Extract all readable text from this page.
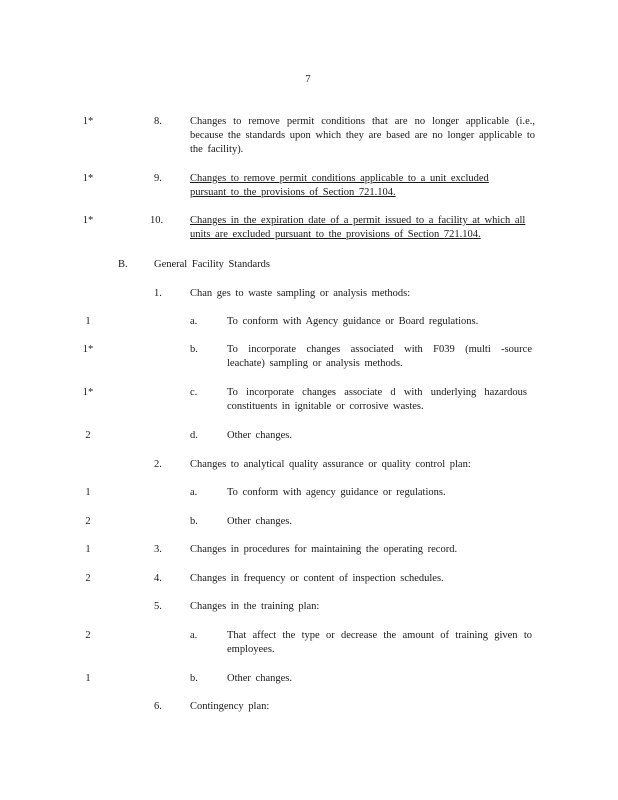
7
1*	8.	Changes to remove permit conditions that are no longer applicable (i.e., because the standards upon which they are based are no longer applicable to the facility).
1*	9.	Changes to remove permit conditions applicable to a unit excluded pursuant to the provisions of Section 721.104.
1*	10.	Changes in the expiration date of a permit issued to a facility at which all units are excluded pursuant to the provisions of Section 721.104.
B.	General Facility Standards
1.	Chan ges to waste sampling or analysis methods:
1	a.	To conform with Agency guidance or Board regulations.
1*	b.	To incorporate changes associated with F039 (multi -source leachate) sampling or analysis methods.
1*	c.	To incorporate changes associate d with underlying hazardous constituents in ignitable or corrosive wastes.
2	d.	Other changes.
2.	Changes to analytical quality assurance or quality control plan:
1	a.	To conform with agency guidance or regulations.
2	b.	Other changes.
1	3.	Changes in procedures for maintaining the operating record.
2	4.	Changes in frequency or content of inspection schedules.
5.	Changes in the training plan:
2	a.	That affect the type or decrease the amount of training given to employees.
1	b.	Other changes.
6.	Contingency plan:
